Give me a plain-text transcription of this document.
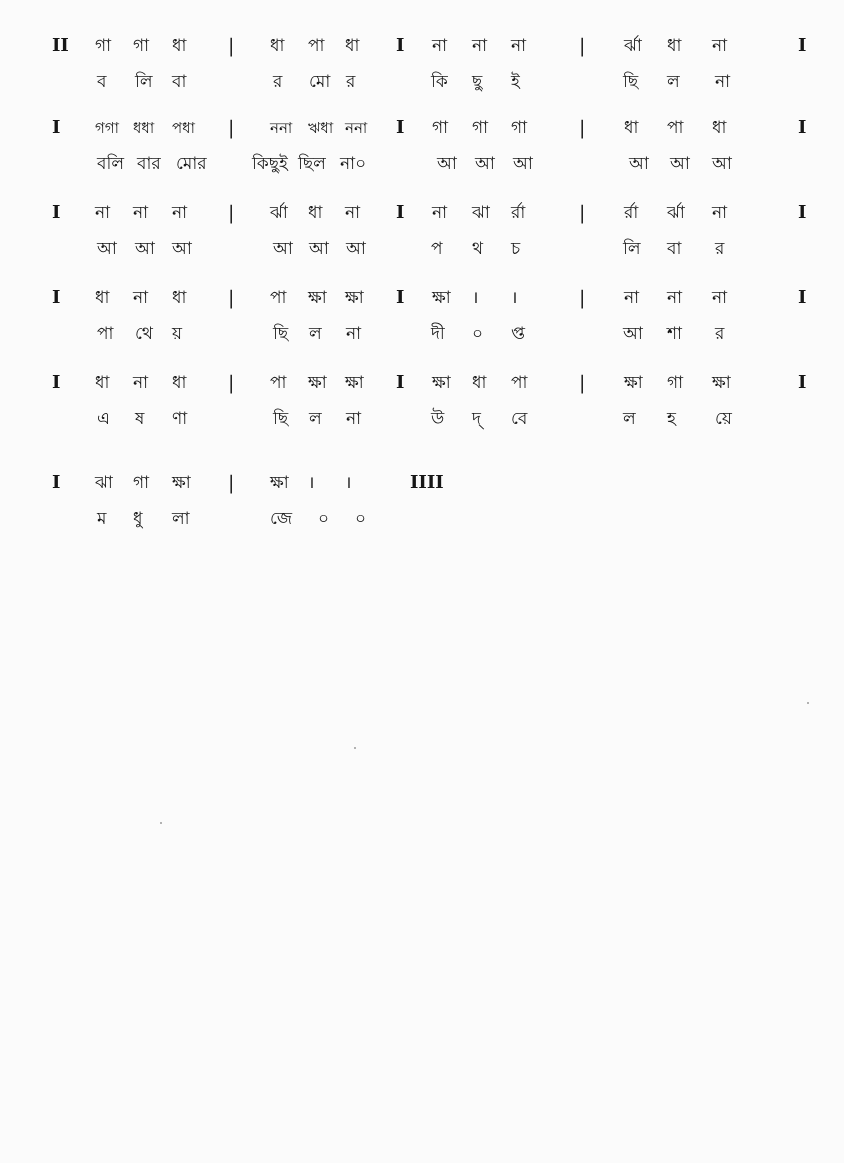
II গা গা ধা | ধা পা ধা I না না না	| র্ঝা ধা না	I
ব লি বা	র মো র	কি ছু ই	ছি ল না
I গগা ধধা পধা | ননা ঋধা ননা I গা গা গা	| ধা পা ধা	I
বলি বার মোর	কিছুই ছিল না০	আ আ আ	আ আ আ
I না না না | র্ঝা ধা না I না ঝা র্রা	| র্রা র্ঝা না	I
আ আ আ	আ আ আ	প থ চ	লি বা র
I ধা না ধা | পা ক্ষা ক্ষা I ক্ষা । ।	| না না না	I
পা থে য়	ছি ল না	দী ০ প্ত	আ শা র
I ধা না ধা | পা ক্ষা ক্ষা I ক্ষা ধা পা	| ক্ষা গা ক্ষা	I
এ ষ ণা	ছি ল না	উ দ্ বে	ল হ য়ে
I ঝা গা ক্ষা | ক্ষা । ।	IIII
ম ধু লা	জে ০ ০
